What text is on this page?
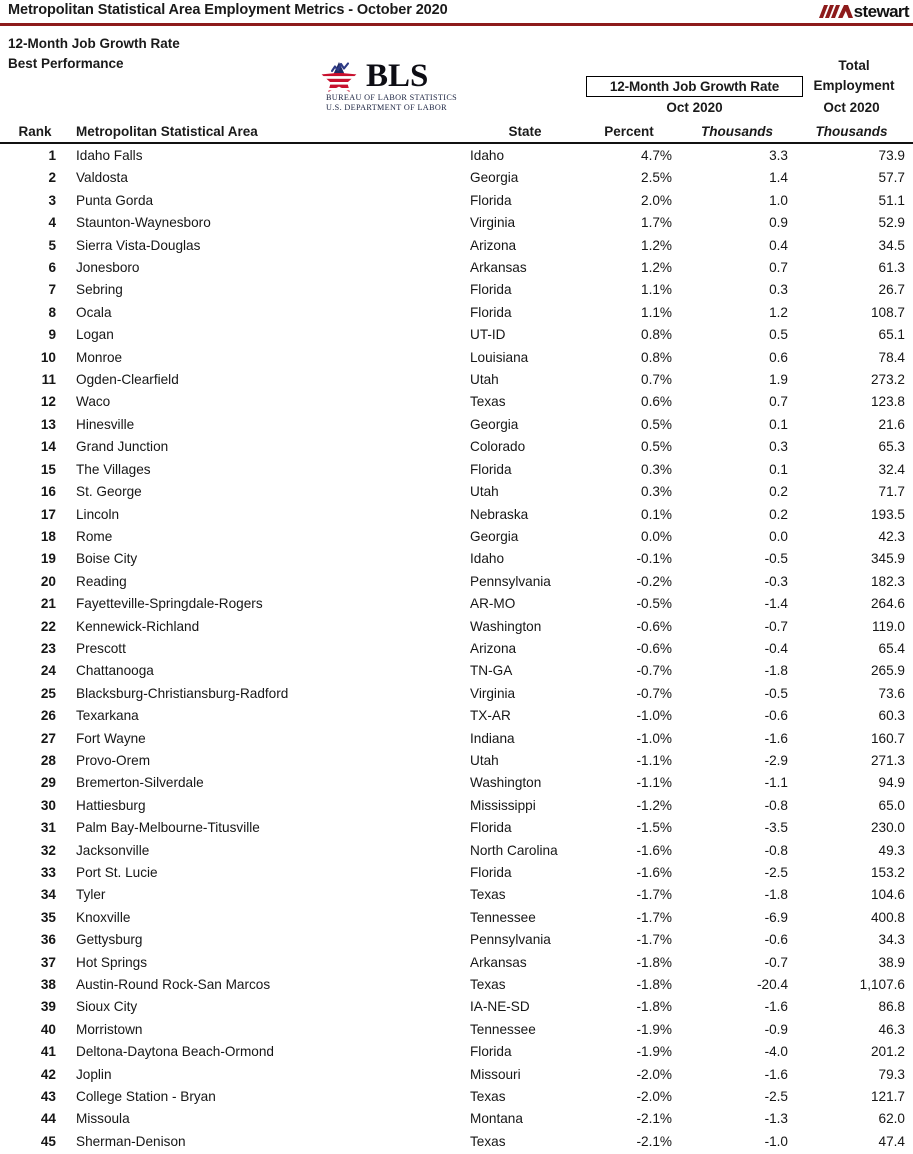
Metropolitan Statistical Area Employment Metrics - October 2020	stewart
12-Month Job Growth Rate
Best Performance	BLS
BUREAU OF LABOR STATISTICS
U.S. DEPARTMENT OF LABOR
12-Month Job Growth Rate
Total
Employment
Oct 2020	Oct 2020
Rank	Metropolitan Statistical Area	State	Percent	Thousands	Thousands
1 Idaho Falls	Idaho	4.7%	3.3	73.9
2 Valdosta	Georgia	2.5%	1.4	57.7
3 Punta Gorda	Florida	2.0%	1.0	51.1
4 Staunton-Waynesboro	Virginia	1.7%	0.9	52.9
5 Sierra Vista-Douglas	Arizona	1.2%	0.4	34.5
6 Jonesboro	Arkansas	1.2%	0.7	61.3
7 Sebring	Florida	1.1%	0.3	26.7
8 Ocala	Florida	1.1%	1.2	108.7
9 Logan	UT-ID	0.8%	0.5	65.1
10 Monroe	Louisiana	0.8%	0.6	78.4
11 Ogden-Clearfield	Utah	0.7%	1.9	273.2
12 Waco	Texas	0.6%	0.7	123.8
13 Hinesville	Georgia	0.5%	0.1	21.6
14 Grand Junction	Colorado	0.5%	0.3	65.3
15 The Villages	Florida	0.3%	0.1	32.4
16 St. George	Utah	0.3%	0.2	71.7
17 Lincoln	Nebraska	0.1%	0.2	193.5
18 Rome	Georgia	0.0%	0.0	42.3
19 Boise City	Idaho	-0.1%	-0.5	345.9
20 Reading	Pennsylvania	-0.2%	-0.3	182.3
21 Fayetteville-Springdale-Rogers	AR-MO	-0.5%	-1.4	264.6
22 Kennewick-Richland	Washington	-0.6%	-0.7	119.0
23 Prescott	Arizona	-0.6%	-0.4	65.4
24 Chattanooga	TN-GA	-0.7%	-1.8	265.9
25 Blacksburg-Christiansburg-Radford	Virginia	-0.7%	-0.5	73.6
26 Texarkana	TX-AR	-1.0%	-0.6	60.3
27 Fort Wayne	Indiana	-1.0%	-1.6	160.7
28 Provo-Orem	Utah	-1.1%	-2.9	271.3
29 Bremerton-Silverdale	Washington	-1.1%	-1.1	94.9
30 Hattiesburg	Mississippi	-1.2%	-0.8	65.0
31 Palm Bay-Melbourne-Titusville	Florida	-1.5%	-3.5	230.0
32 Jacksonville	North Carolina	-1.6%	-0.8	49.3
33 Port St. Lucie	Florida	-1.6%	-2.5	153.2
34 Tyler	Texas	-1.7%	-1.8	104.6
35 Knoxville	Tennessee	-1.7%	-6.9	400.8
36 Gettysburg	Pennsylvania	-1.7%	-0.6	34.3
37 Hot Springs	Arkansas	-1.8%	-0.7	38.9
38 Austin-Round Rock-San Marcos	Texas	-1.8%	-20.4	1,107.6
39 Sioux City	IA-NE-SD	-1.8%	-1.6	86.8
40 Morristown	Tennessee	-1.9%	-0.9	46.3
41 Deltona-Daytona Beach-Ormond	Florida	-1.9%	-4.0	201.2
42 Joplin	Missouri	-2.0%	-1.6	79.3
43 College Station - Bryan	Texas	-2.0%	-2.5	121.7
44 Missoula	Montana	-2.1%	-1.3	62.0
45 Sherman-Denison	Texas	-2.1%	-1.0	47.4
